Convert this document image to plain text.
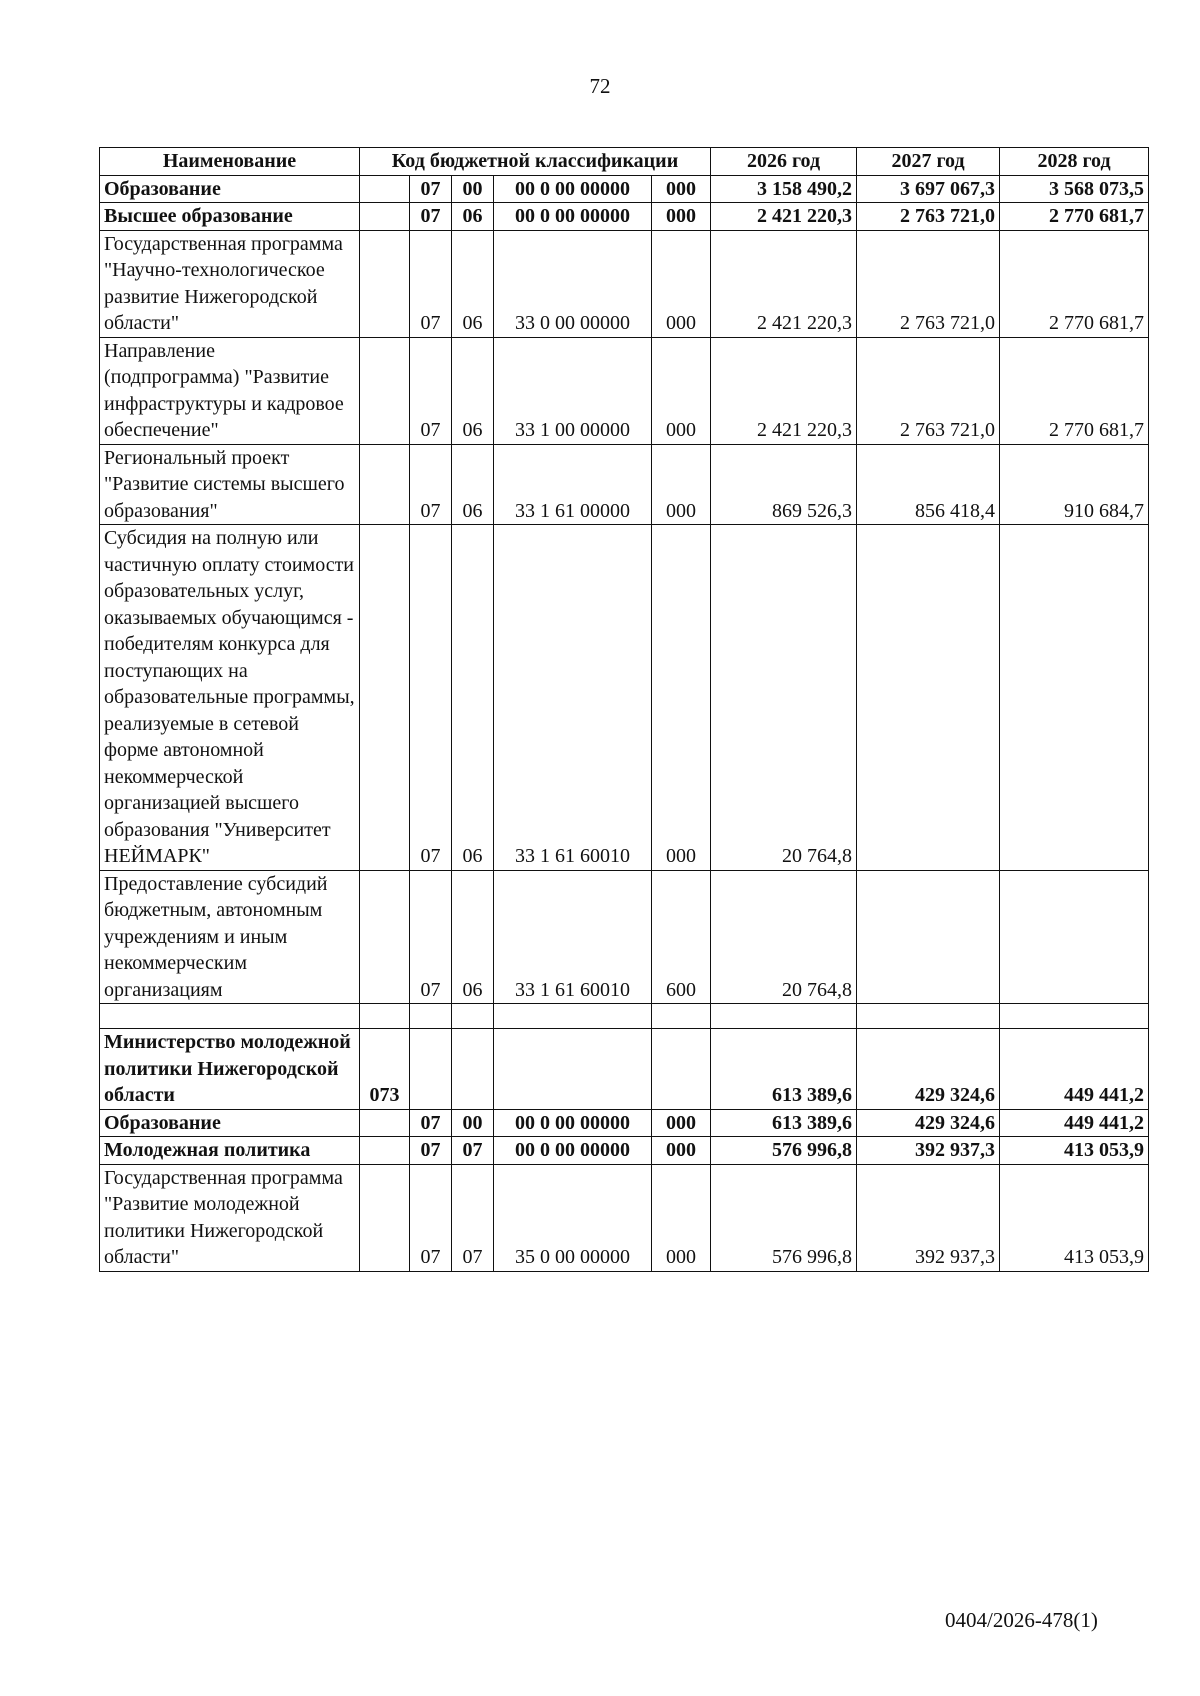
72
Наименование	Код бюджетной классификации					2026 год	2027 год	2028 год
Образование		07	00	00 0 00 00000	000	3 158 490,2	3 697 067,3	3 568 073,5
Высшее образование		07	06	00 0 00 00000	000	2 421 220,3	2 763 721,0	2 770 681,7
Государственная программа "Научно-технологическое развитие Нижегородской области"		07	06	33 0 00 00000	000	2 421 220,3	2 763 721,0	2 770 681,7
Направление (подпрограмма) "Развитие инфраструктуры и кадровое обеспечение"		07	06	33 1 00 00000	000	2 421 220,3	2 763 721,0	2 770 681,7
Региональный проект "Развитие системы высшего образования"		07	06	33 1 61 00000	000	869 526,3	856 418,4	910 684,7
Субсидия на полную или частичную оплату стоимости образовательных услуг, оказываемых обучающимся - победителям конкурса для поступающих на образовательные программы, реализуемые в сетевой форме автономной некоммерческой организацией высшего образования "Университет НЕЙМАРК"		07	06	33 1 61 60010	000	20 764,8		
Предоставление субсидий бюджетным, автономным учреждениям и иным некоммерческим организациям		07	06	33 1 61 60010	600	20 764,8		

Министерство молодежной политики Нижегородской области	073					613 389,6	429 324,6	449 441,2
Образование		07	00	00 0 00 00000	000	613 389,6	429 324,6	449 441,2
Молодежная политика		07	07	00 0 00 00000	000	576 996,8	392 937,3	413 053,9
Государственная программа "Развитие молодежной политики Нижегородской области"		07	07	35 0 00 00000	000	576 996,8	392 937,3	413 053,9
0404/2026-478(1)
